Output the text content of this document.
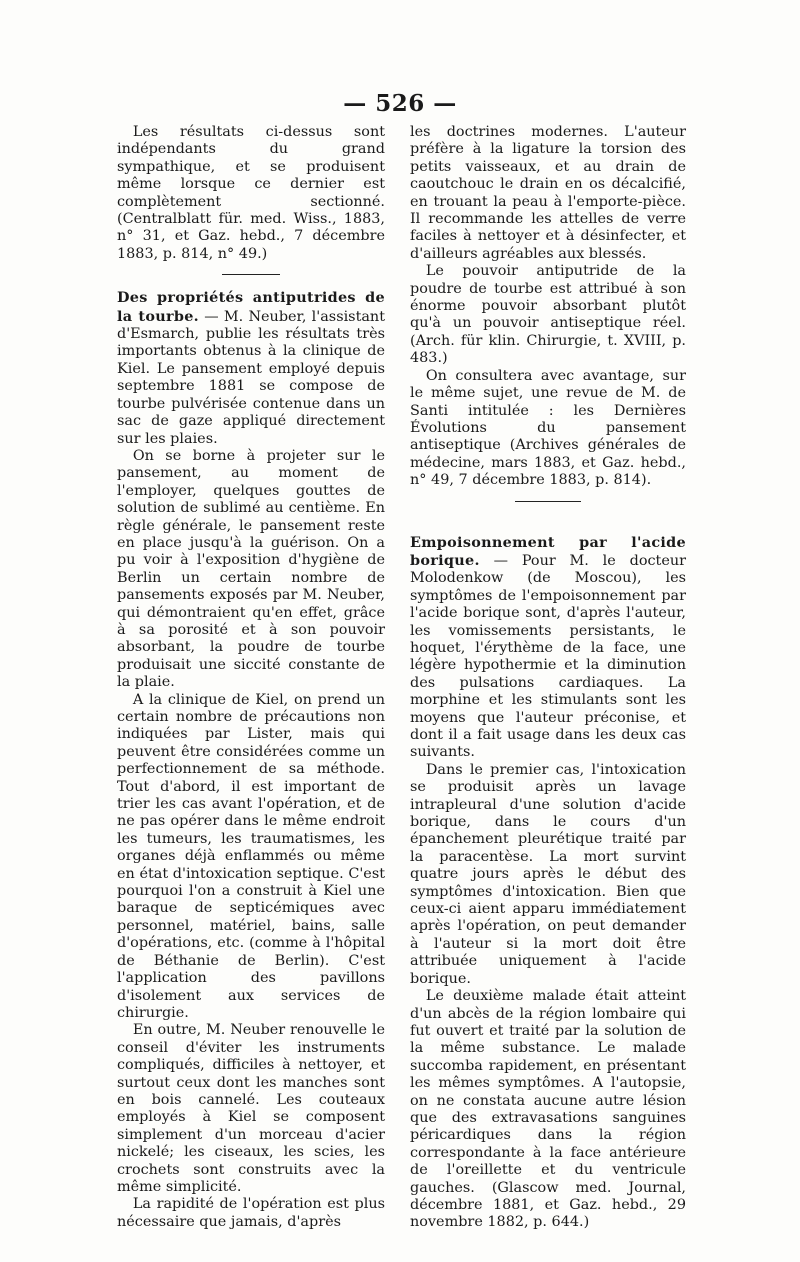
— 526 —

Les résultats ci-dessus sont indépendants du grand sympathique, et se produisent même lorsque ce dernier est complètement sectionné. (Centralblatt für. med. Wiss., 1883, n° 31, et Gaz. hebd., 7 décembre 1883, p. 814, n° 49.)

Des propriétés antiputrides de la tourbe. — M. Neuber, l'assistant d'Esmarch, publie les résultats très importants obtenus à la clinique de Kiel. Le pansement employé depuis septembre 1881 se compose de tourbe pulvérisée contenue dans un sac de gaze appliqué directement sur les plaies.

On se borne à projeter sur le pansement, au moment de l'employer, quelques gouttes de solution de sublimé au centième. En règle générale, le pansement reste en place jusqu'à la guérison. On a pu voir à l'exposition d'hygiène de Berlin un certain nombre de pansements exposés par M. Neuber, qui démontraient qu'en effet, grâce à sa porosité et à son pouvoir absorbant, la poudre de tourbe produisait une siccité constante de la plaie.

A la clinique de Kiel, on prend un certain nombre de précautions non indiquées par Lister, mais qui peuvent être considérées comme un perfectionnement de sa méthode. Tout d'abord, il est important de trier les cas avant l'opération, et de ne pas opérer dans le même endroit les tumeurs, les traumatismes, les organes déjà enflammés ou même en état d'intoxication septique. C'est pourquoi l'on a construit à Kiel une baraque de septicémiques avec personnel, matériel, bains, salle d'opérations, etc. (comme à l'hôpital de Béthanie de Berlin). C'est l'application des pavillons d'isolement aux services de chirurgie.

En outre, M. Neuber renouvelle le conseil d'éviter les instruments compliqués, difficiles à nettoyer, et surtout ceux dont les manches sont en bois cannelé. Les couteaux employés à Kiel se composent simplement d'un morceau d'acier nickelé; les ciseaux, les scies, les crochets sont construits avec la même simplicité.

La rapidité de l'opération est plus nécessaire que jamais, d'après

les doctrines modernes. L'auteur préfère à la ligature la torsion des petits vaisseaux, et au drain de caoutchouc le drain en os décalcifié, en trouant la peau à l'emporte-pièce. Il recommande les attelles de verre faciles à nettoyer et à désinfecter, et d'ailleurs agréables aux blessés.

Le pouvoir antiputride de la poudre de tourbe est attribué à son énorme pouvoir absorbant plutôt qu'à un pouvoir antiseptique réel. (Arch. für klin. Chirurgie, t. XVIII, p. 483.)

On consultera avec avantage, sur le même sujet, une revue de M. de Santi intitulée : les Dernières Évolutions du pansement antiseptique (Archives générales de médecine, mars 1883, et Gaz. hebd., n° 49, 7 décembre 1883, p. 814).

Empoisonnement par l'acide borique. — Pour M. le docteur Molodenkow (de Moscou), les symptômes de l'empoisonnement par l'acide borique sont, d'après l'auteur, les vomissements persistants, le hoquet, l'érythème de la face, une légère hypothermie et la diminution des pulsations cardiaques. La morphine et les stimulants sont les moyens que l'auteur préconise, et dont il a fait usage dans les deux cas suivants.

Dans le premier cas, l'intoxication se produisit après un lavage intrapleural d'une solution d'acide borique, dans le cours d'un épanchement pleurétique traité par la paracentèse. La mort survint quatre jours après le début des symptômes d'intoxication. Bien que ceux-ci aient apparu immédiatement après l'opération, on peut demander à l'auteur si la mort doit être attribuée uniquement à l'acide borique.

Le deuxième malade était atteint d'un abcès de la région lombaire qui fut ouvert et traité par la solution de la même substance. Le malade succomba rapidement, en présentant les mêmes symptômes. A l'autopsie, on ne constata aucune autre lésion que des extravasations sanguines péricardiques dans la région correspondante à la face antérieure de l'oreillette et du ventricule gauches. (Glascow med. Journal, décembre 1881, et Gaz. hebd., 29 novembre 1882, p. 644.)
